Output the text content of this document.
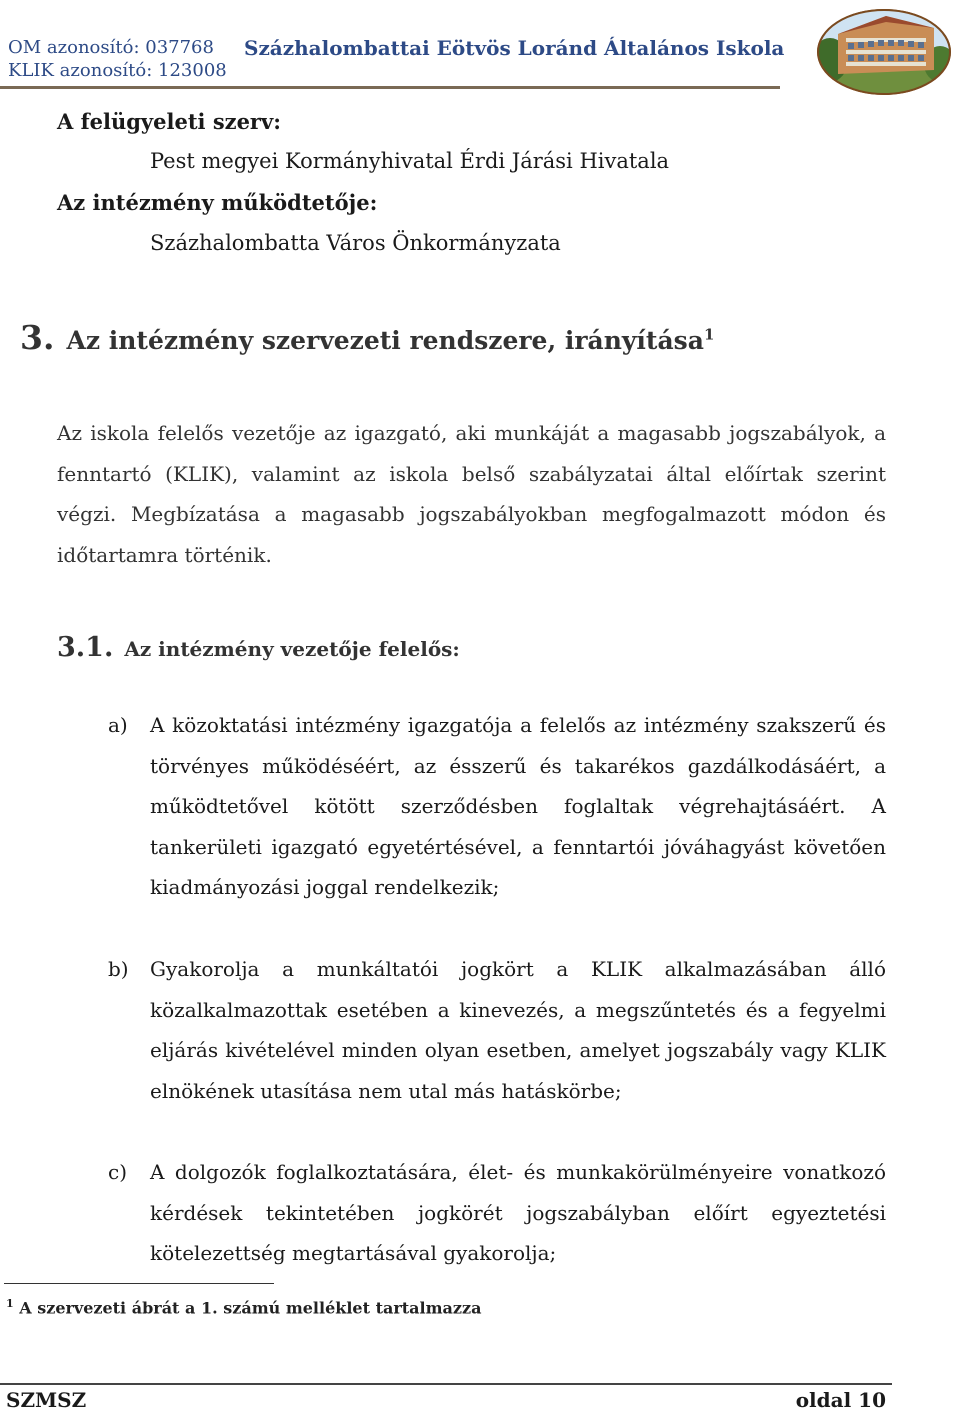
OM azonosító: 037768
KLIK azonosító: 123008
Százhalombattai Eötvös Loránd Általános Iskola
A felügyeleti szerv:
Pest megyei Kormányhivatal Érdi Járási Hivatala
Az intézmény működtetője:
Százhalombatta Város Önkormányzata
3. Az intézmény szervezeti rendszere, irányítása$^1$
Az iskola felelős vezetője az igazgató, aki munkáját a magasabb jogszabályok, a fenntartó (KLIK), valamint az iskola belső szabályzatai által előírtak szerint végzi. Megbízatása a magasabb jogszabályokban megfogalmazott módon és időtartamra történik.
3.1. Az intézmény vezetője felelős:
a) A közoktatási intézmény igazgatója a felelős az intézmény szakszerű és törvényes működéséért, az ésszerű és takarékos gazdálkodásáért, a működtetővel kötött szerződésben foglaltak végrehajtásáért. A tankerületi igazgató egyetértésével, a fenntartói jóváhagyást követően kiadmányozási joggal rendelkezik;
b) Gyakorolja a munkáltatói jogkört a KLIK alkalmazásában álló közalkalmazottak esetében a kinevezés, a megszűntetés és a fegyelmi eljárás kivételével minden olyan esetben, amelyet jogszabály vagy KLIK elnökének utasítása nem utal más hatáskörbe;
c) A dolgozók foglalkoztatására, élet- és munkakörülményeire vonatkozó kérdések tekintetében jogkörét jogszabályban előírt egyeztetési kötelezettség megtartásával gyakorolja;
$^1$ A szervezeti ábrát a 1. számú melléklet tartalmazza
SZMSZ	oldal 10
